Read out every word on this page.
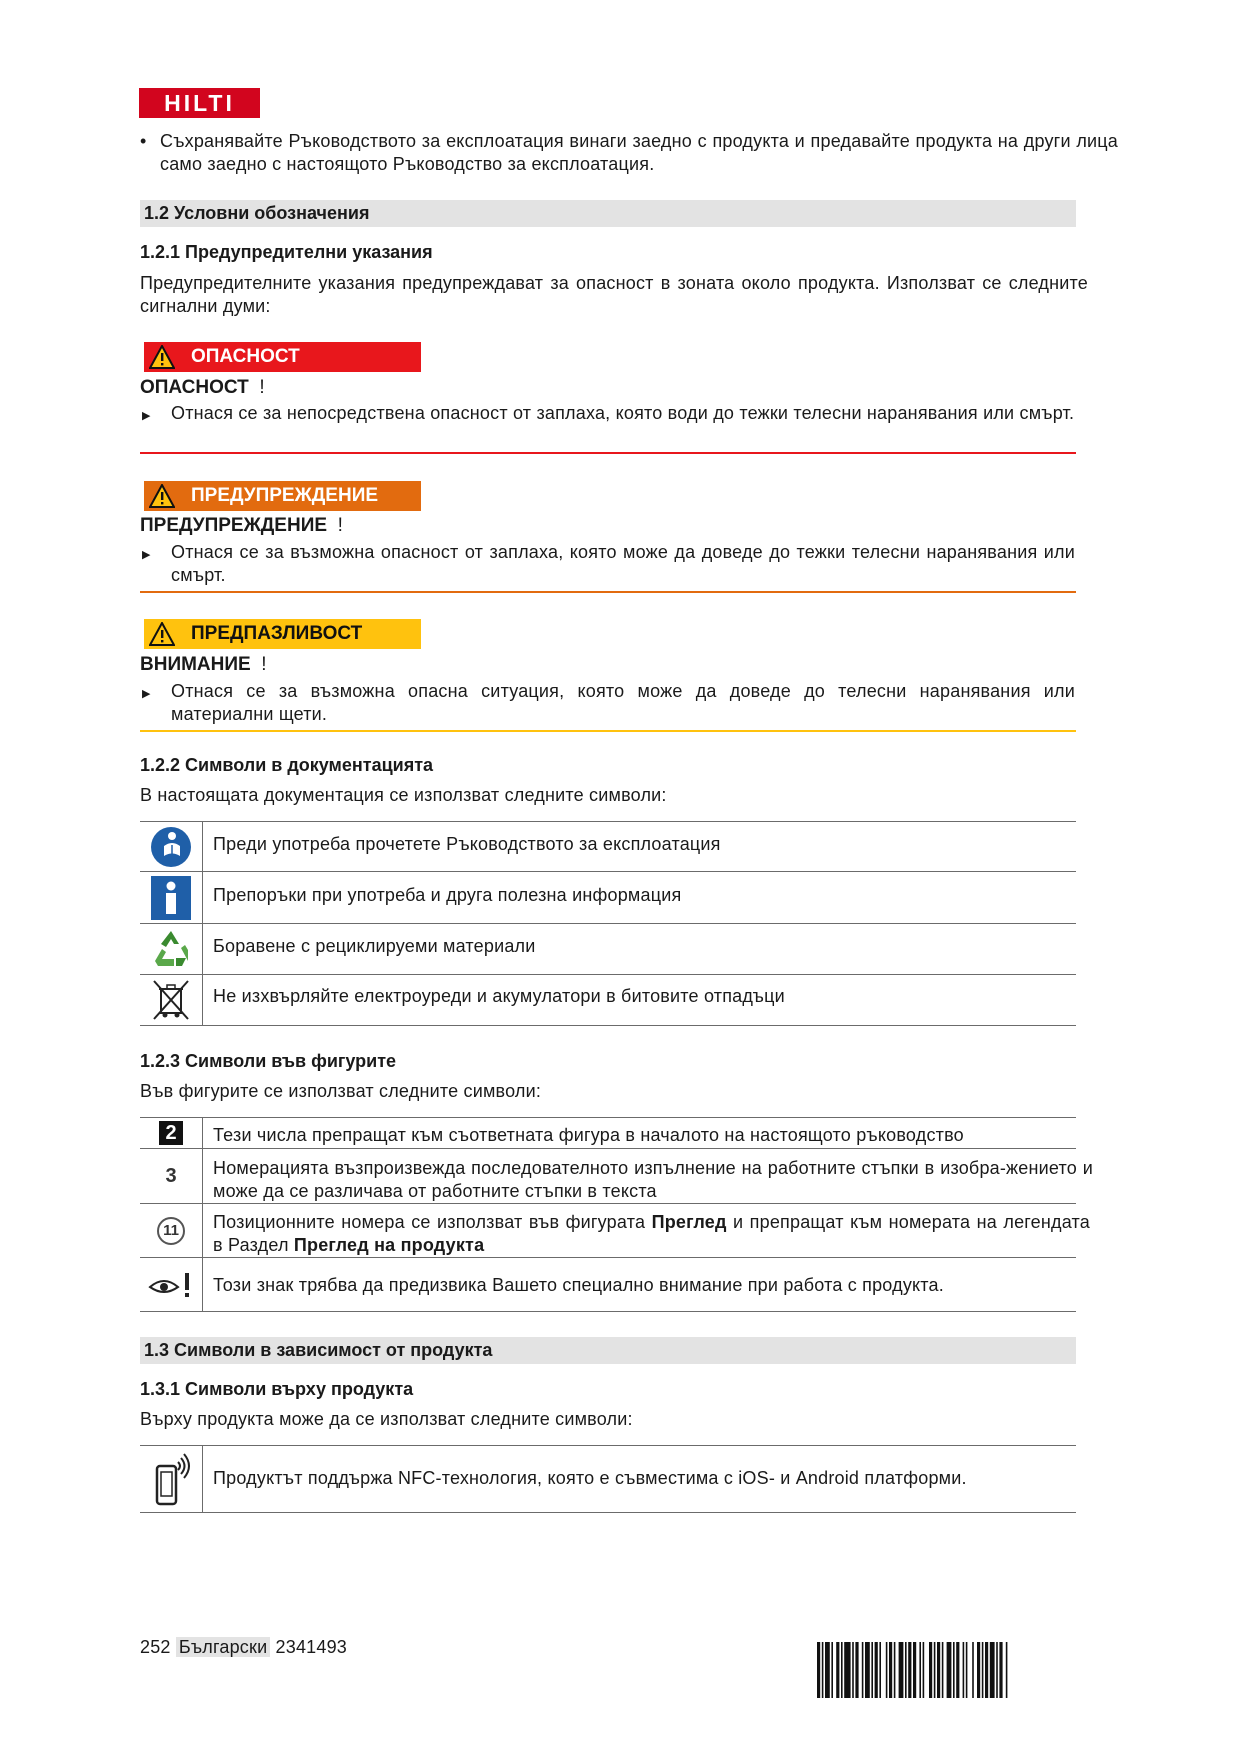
HILTI
• Съхранявайте Ръководството за експлоатация винаги заедно с продукта и предавайте продукта на други лица само заедно с настоящото Ръководство за експлоатация.
1.2 Условни обозначения
1.2.1 Предупредителни указания
Предупредителните указания предупреждават за опасност в зоната около продукта. Използват се следните сигнални думи:
ОПАСНОСТ
ОПАСНОСТ !
▶ Отнася се за непосредствена опасност от заплаха, която води до тежки телесни наранявания или смърт.
ПРЕДУПРЕЖДЕНИЕ
ПРЕДУПРЕЖДЕНИЕ !
▶ Отнася се за възможна опасност от заплаха, която може да доведе до тежки телесни наранявания или смърт.
ПРЕДПАЗЛИВОСТ
ВНИМАНИЕ !
▶ Отнася се за възможна опасна ситуация, която може да доведе до телесни наранявания или материални щети.
1.2.2 Символи в документацията
В настоящата документация се използват следните символи:
Преди употреба прочетете Ръководството за експлоатация
Препоръки при употреба и друга полезна информация
Боравене с рециклируеми материали
Не изхвърляйте електроуреди и акумулатори в битовите отпадъци
1.2.3 Символи във фигурите
Във фигурите се използват следните символи:
2	Тези числа препращат към съответната фигура в началото на настоящото ръководство
3 Номерацията възпроизвежда последователното изпълнение на работните стъпки в изобра-жението и може да се различава от работните стъпки в текста
11	Позиционните номера се използват във фигурата Преглед и препращат към номерата на легендата в Раздел Преглед на продукта
Този знак трябва да предизвика Вашето специално внимание при работа с продукта.
1.3 Символи в зависимост от продукта
1.3.1 Символи върху продукта
Върху продукта може да се използват следните символи:
Продуктът поддържа NFC-технология, която е съвместима с iOS- и Android платформи.
252 Български 2341493
